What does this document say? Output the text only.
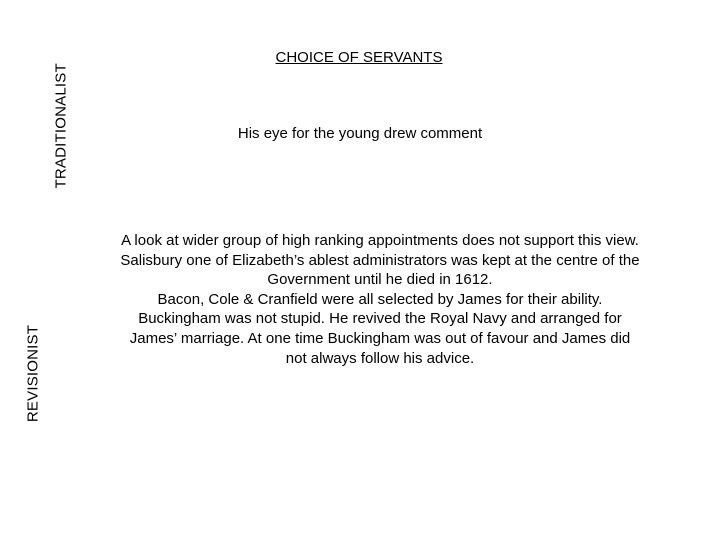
TRADITIONALIST
REVISIONIST
CHOICE OF SERVANTS
His eye for the young drew comment
A look at wider group of high ranking appointments does not support this view.
Salisbury one of Elizabeth’s ablest administrators was kept at the centre of the
Government until he died in 1612.
Bacon, Cole & Cranfield were all selected by James for their ability.
Buckingham was not stupid. He revived the Royal Navy and arranged for
James’ marriage. At one time Buckingham was out of favour and James did
not always follow his advice.
